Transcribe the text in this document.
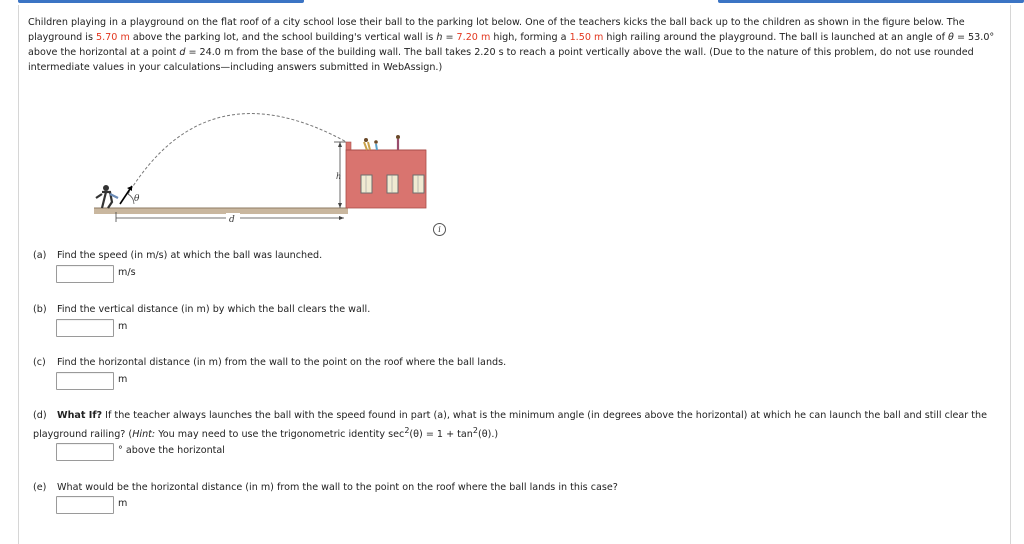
Children playing in a playground on the flat roof of a city school lose their ball to the parking lot below. One of the teachers kicks the ball back up to the children as shown in the figure below. The playground is 5.70 m above the parking lot, and the school building's vertical wall is h = 7.20 m high, forming a 1.50 m high railing around the playground. The ball is launched at an angle of θ = 53.0° above the horizontal at a point d = 24.0 m from the base of the building wall. The ball takes 2.20 s to reach a point vertically above the wall. (Due to the nature of this problem, do not use rounded intermediate values in your calculations—including answers submitted in WebAssign.)
θ
d
h
i
(a) Find the speed (in m/s) at which the ball was launched.
m/s
(b) Find the vertical distance (in m) by which the ball clears the wall.
m
(c) Find the horizontal distance (in m) from the wall to the point on the roof where the ball lands.
m
(d) What If? If the teacher always launches the ball with the speed found in part (a), what is the minimum angle (in degrees above the horizontal) at which he can launch the ball and still clear the playground railing? (Hint: You may need to use the trigonometric identity $\sec^2(\theta) = 1 + \tan^2(\theta)$.)
° above the horizontal
(e) What would be the horizontal distance (in m) from the wall to the point on the roof where the ball lands in this case?
m
